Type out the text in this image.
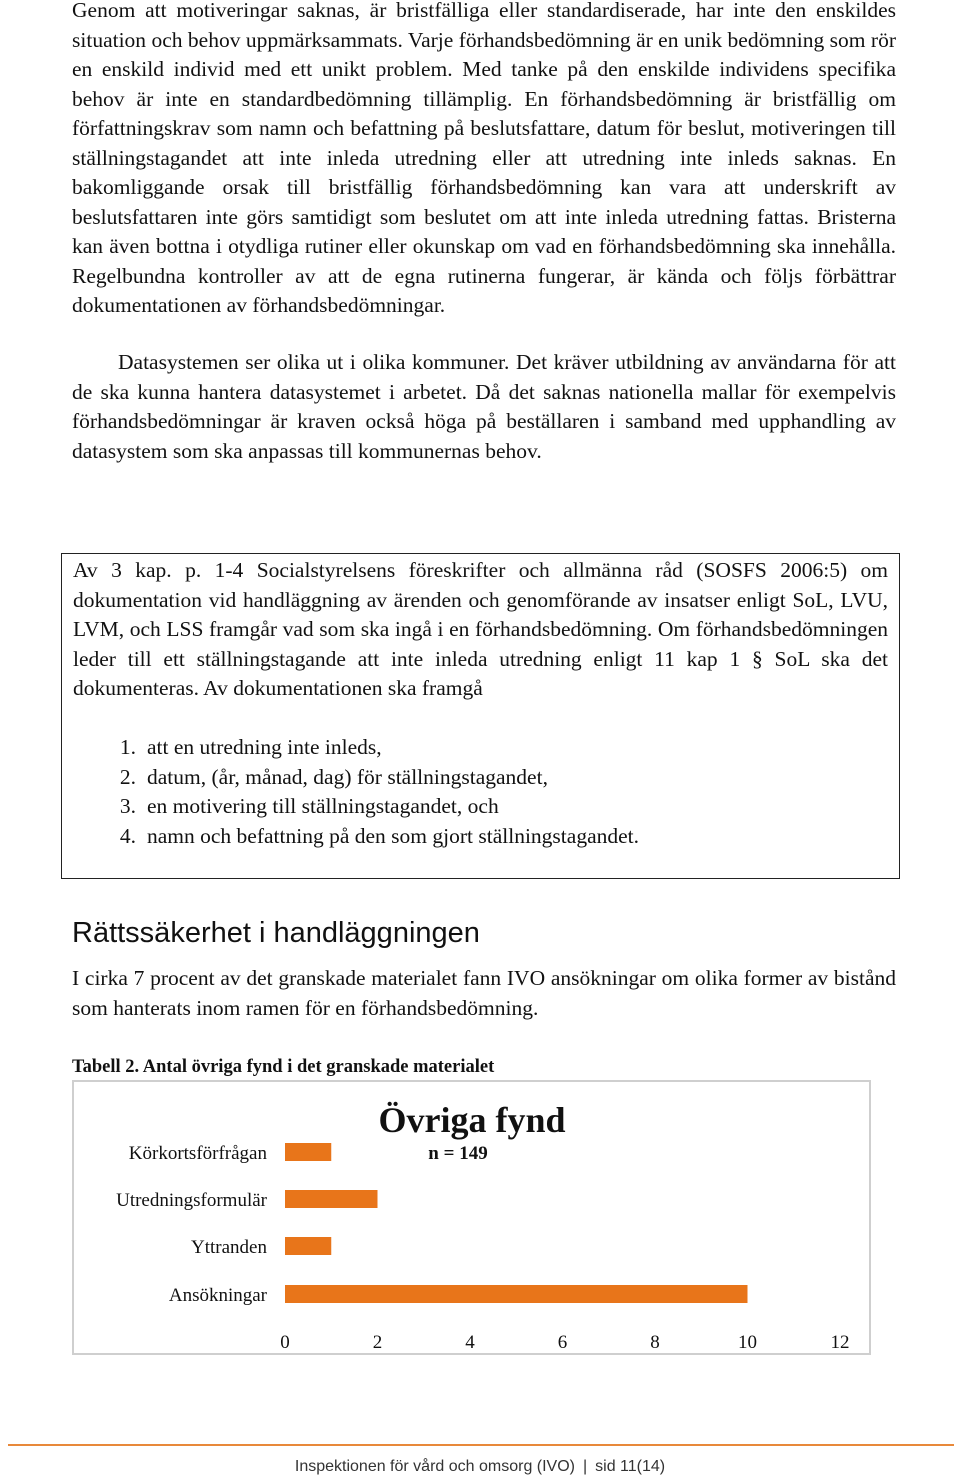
Genom att motiveringar saknas, är bristfälliga eller standardiserade, har inte den enskildes situation och behov uppmärksammats. Varje förhandsbedömning är en unik bedömning som rör en enskild individ med ett unikt problem. Med tanke på den enskilde individens specifika behov är inte en standardbedömning tillämplig. En förhandsbedömning är bristfällig om författningskrav som namn och befattning på beslutsfattare, datum för beslut, motiveringen till ställningstagandet att inte inleda utredning eller att utredning inte inleds saknas. En bakomliggande orsak till bristfällig förhandsbedömning kan vara att underskrift av beslutsfattaren inte görs samtidigt som beslutet om att inte inleda utredning fattas. Bristerna kan även bottna i otydliga rutiner eller okunskap om vad en förhandsbedömning ska innehålla. Regelbundna kontroller av att de egna rutinerna fungerar, är kända och följs förbättrar dokumentationen av förhandsbedömningar.

Datasystemen ser olika ut i olika kommuner. Det kräver utbildning av användarna för att de ska kunna hantera datasystemet i arbetet. Då det saknas nationella mallar för exempelvis förhandsbedömningar är kraven också höga på beställaren i samband med upphandling av datasystem som ska anpassas till kommunernas behov.

Av 3 kap. p. 1-4 Socialstyrelsens föreskrifter och allmänna råd (SOSFS 2006:5) om dokumentation vid handläggning av ärenden och genomförande av insatser enligt SoL, LVU, LVM, och LSS framgår vad som ska ingå i en förhandsbedömning. Om förhandsbedömningen leder till ett ställningstagande att inte inleda utredning enligt 11 kap 1 § SoL ska det dokumenteras. Av dokumentationen ska framgå

1. att en utredning inte inleds,
2. datum, (år, månad, dag) för ställningstagandet,
3. en motivering till ställningstagandet, och
4. namn och befattning på den som gjort ställningstagandet.
Rättssäkerhet i handläggningen

I cirka 7 procent av det granskade materialet fann IVO ansökningar om olika former av bistånd som hanterats inom ramen för en förhandsbedömning.

Tabell 2. Antal övriga fynd i det granskade materialet

Övriga fynd
n = 149
Körkortsförfrågan
Utredningsformulär
Yttranden
Ansökningar
0	2	4	6	8	10	12
Inspektionen för vård och omsorg (IVO) | sid 11(14)
